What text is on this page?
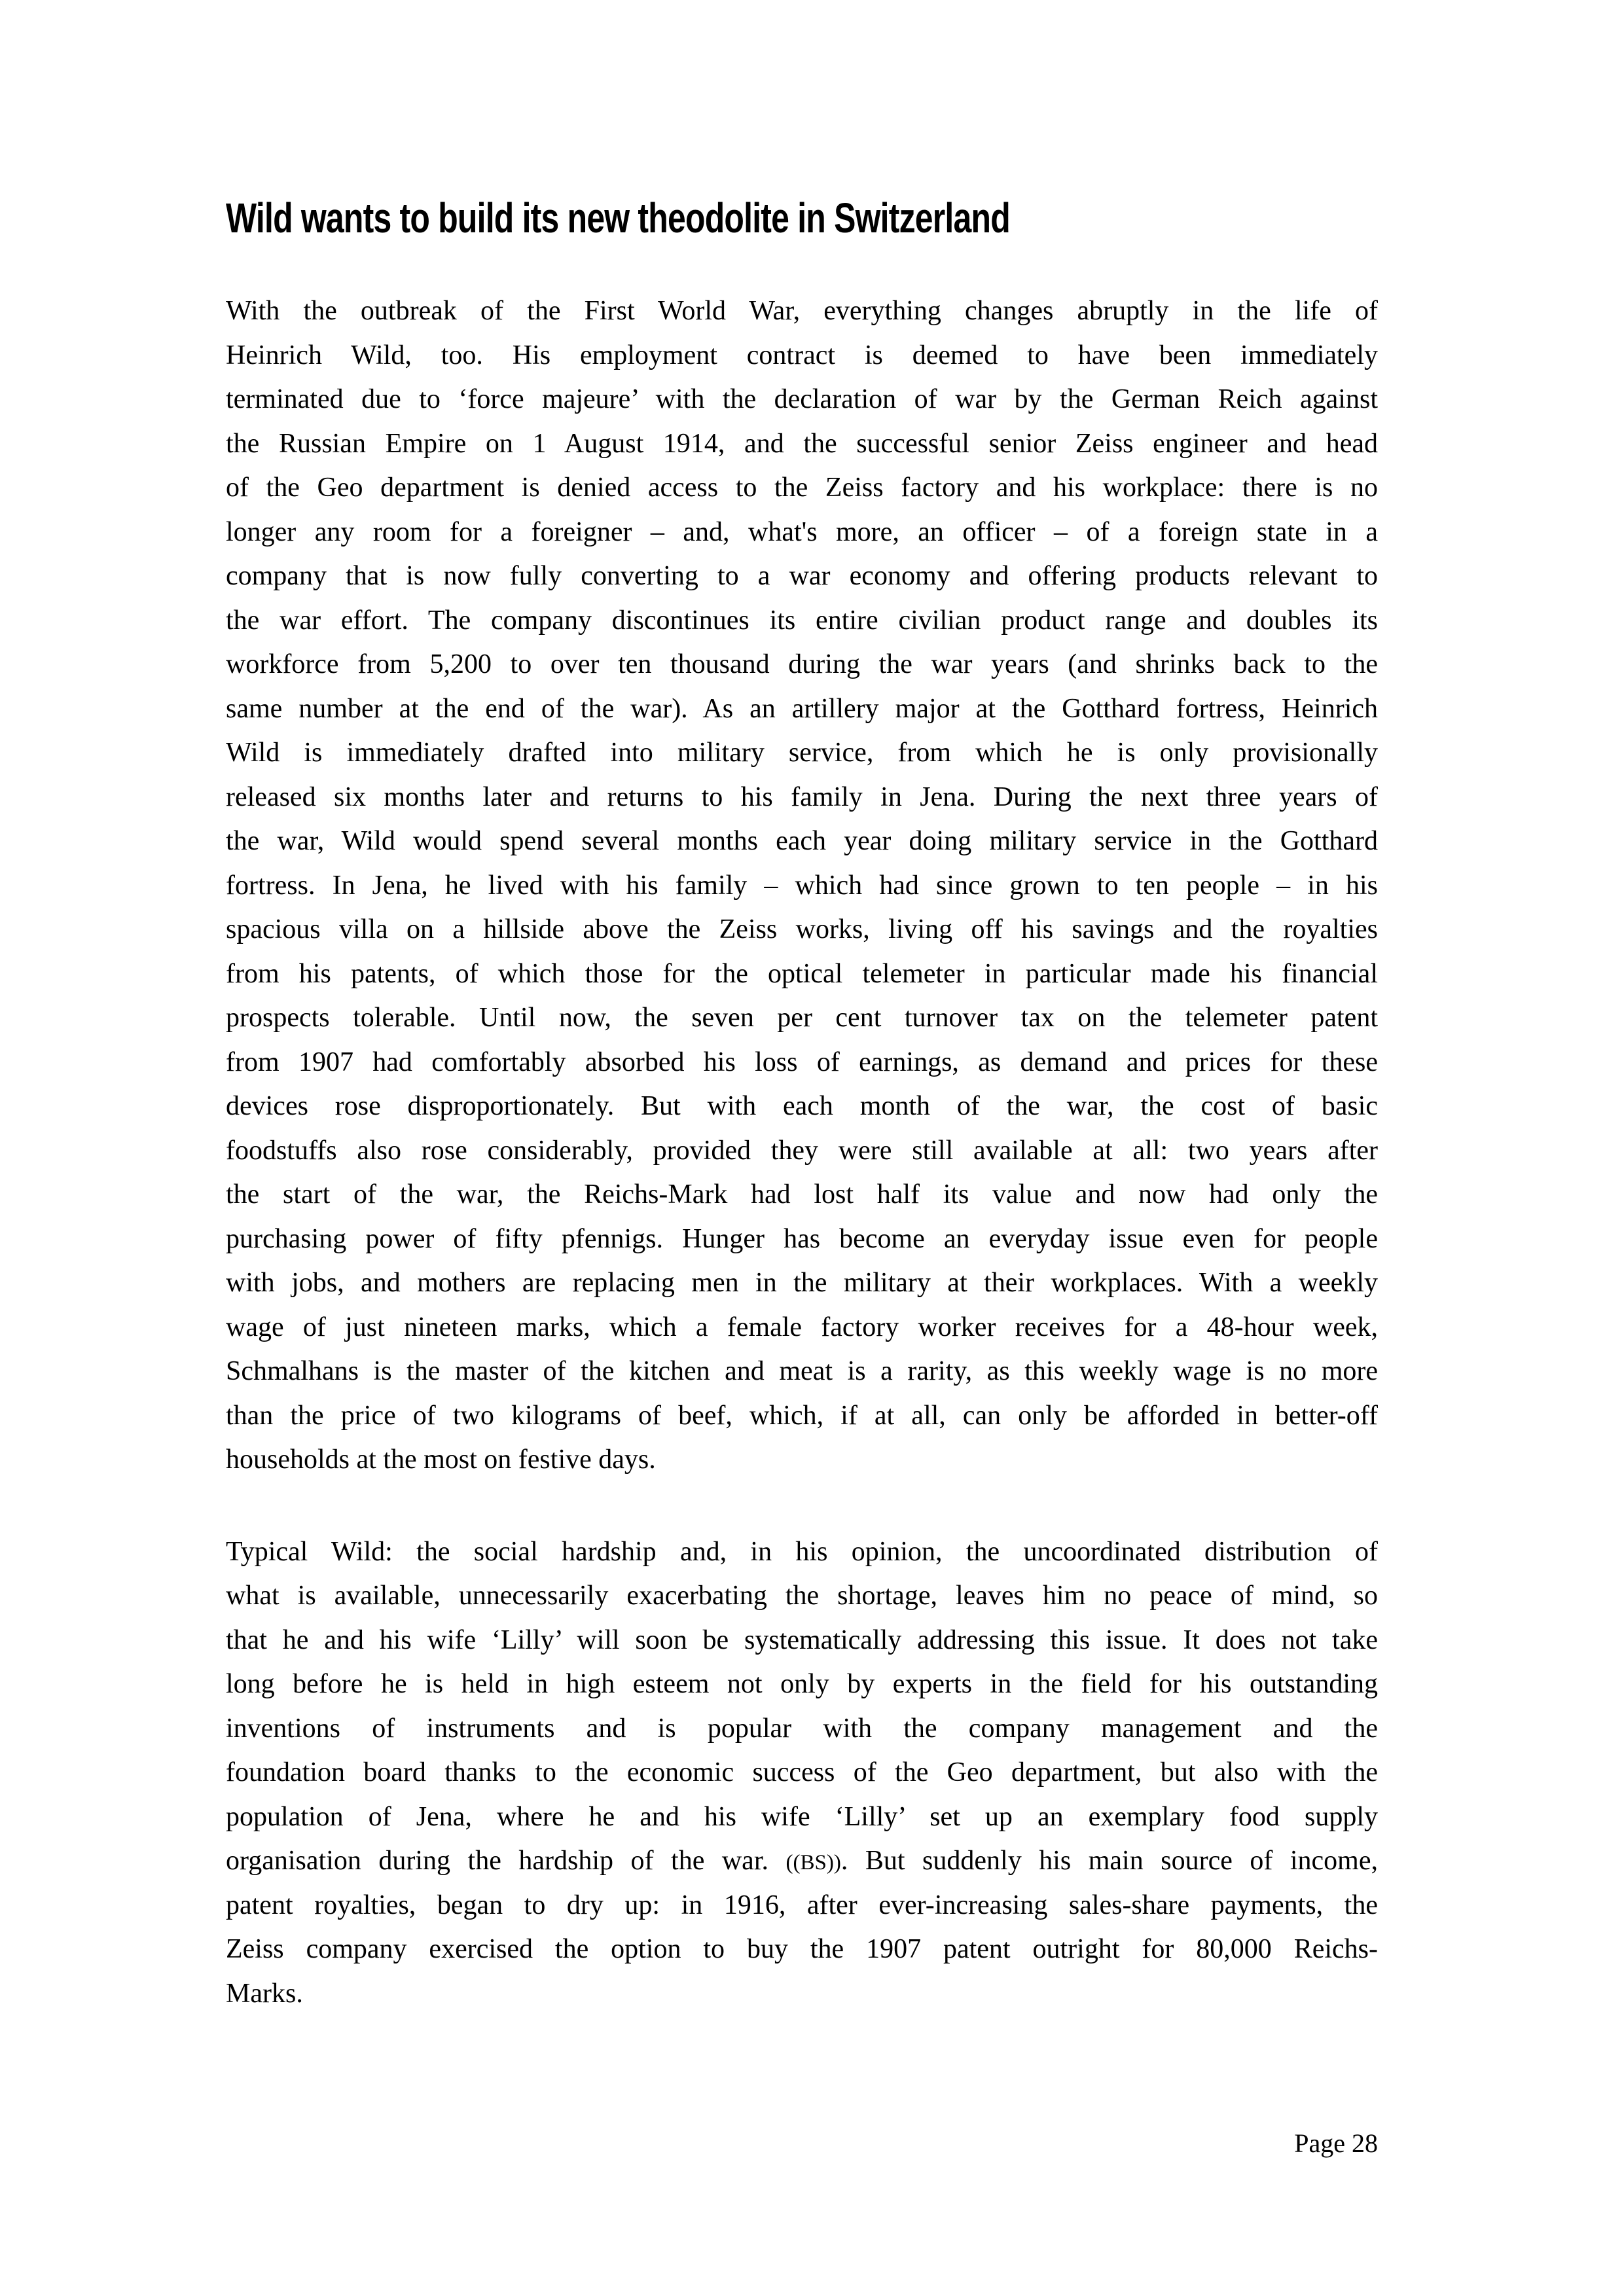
Wild wants to build its new theodolite in Switzerland
With the outbreak of the First World War, everything changes abruptly in the life of
Heinrich Wild, too. His employment contract is deemed to have been immediately
terminated due to ‘force majeure’ with the declaration of war by the German Reich against
the Russian Empire on 1 August 1914, and the successful senior Zeiss engineer and head
of the Geo department is denied access to the Zeiss factory and his workplace: there is no
longer any room for a foreigner – and, what's more, an officer – of a foreign state in a
company that is now fully converting to a war economy and offering products relevant to
the war effort. The company discontinues its entire civilian product range and doubles its
workforce from 5,200 to over ten thousand during the war years (and shrinks back to the
same number at the end of the war). As an artillery major at the Gotthard fortress, Heinrich
Wild is immediately drafted into military service, from which he is only provisionally
released six months later and returns to his family in Jena. During the next three years of
the war, Wild would spend several months each year doing military service in the Gotthard
fortress. In Jena, he lived with his family – which had since grown to ten people – in his
spacious villa on a hillside above the Zeiss works, living off his savings and the royalties
from his patents, of which those for the optical telemeter in particular made his financial
prospects tolerable. Until now, the seven per cent turnover tax on the telemeter patent
from 1907 had comfortably absorbed his loss of earnings, as demand and prices for these
devices rose disproportionately. But with each month of the war, the cost of basic
foodstuffs also rose considerably, provided they were still available at all: two years after
the start of the war, the Reichs-Mark had lost half its value and now had only the
purchasing power of fifty pfennigs. Hunger has become an everyday issue even for people
with jobs, and mothers are replacing men in the military at their workplaces. With a weekly
wage of just nineteen marks, which a female factory worker receives for a 48-hour week,
Schmalhans is the master of the kitchen and meat is a rarity, as this weekly wage is no more
than the price of two kilograms of beef, which, if at all, can only be afforded in better-off
households at the most on festive days.
Typical Wild: the social hardship and, in his opinion, the uncoordinated distribution of
what is available, unnecessarily exacerbating the shortage, leaves him no peace of mind, so
that he and his wife ‘Lilly’ will soon be systematically addressing this issue. It does not take
long before he is held in high esteem not only by experts in the field for his outstanding
inventions of instruments and is popular with the company management and the
foundation board thanks to the economic success of the Geo department, but also with the
population of Jena, where he and his wife ‘Lilly’ set up an exemplary food supply
organisation during the hardship of the war. ((BS)). But suddenly his main source of income,
patent royalties, began to dry up: in 1916, after ever-increasing sales-share payments, the
Zeiss company exercised the option to buy the 1907 patent outright for 80,000 Reichs-
Marks.
Page 28
